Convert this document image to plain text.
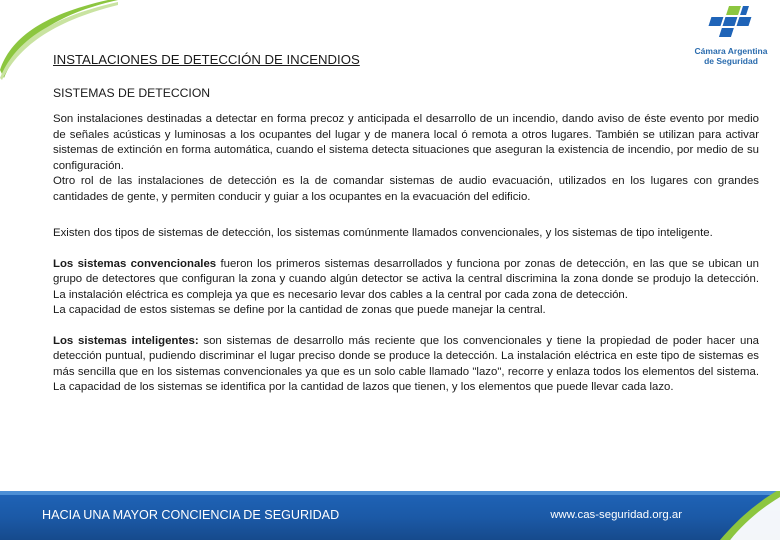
Cámara Argentina
de Seguridad

INSTALACIONES DE DETECCIÓN DE INCENDIOS

SISTEMAS DE DETECCION

Son instalaciones destinadas a detectar en forma precoz y anticipada el desarrollo de un incendio, dando aviso de éste evento por medio de señales acústicas y luminosas a los ocupantes del lugar y de manera local ó remota a otros lugares. También se utilizan para activar sistemas de extinción en forma automática, cuando el sistema detecta situaciones que aseguran la existencia de incendio, por medio de su configuración.
Otro rol de las instalaciones de detección es la de comandar sistemas de audio evacuación, utilizados en los lugares con grandes cantidades de gente, y permiten conducir y guiar a los ocupantes en la evacuación del edificio.

Existen dos tipos de sistemas de detección, los sistemas comúnmente llamados convencionales, y los sistemas de tipo inteligente.

Los sistemas convencionales fueron los primeros sistemas desarrollados y funciona por zonas de detección, en las que se ubican un grupo de detectores que configuran la zona y cuando algún detector se activa la central discrimina la zona donde se produjo la detección. La instalación eléctrica es compleja ya que es necesario levar dos cables a la central por cada zona de detección.
La capacidad de estos sistemas se define por la cantidad de zonas que puede manejar la central.

Los sistemas inteligentes: son sistemas de desarrollo más reciente que los convencionales y tiene la propiedad de poder hacer una detección puntual, pudiendo discriminar el lugar preciso donde se produce la detección. La instalación eléctrica en este tipo de sistemas es más sencilla que en los sistemas convencionales ya que es un solo cable llamado "lazo", recorre y enlaza todos los elementos del sistema. La capacidad de los sistemas se identifica por la cantidad de lazos que tienen, y los elementos que puede llevar cada lazo.

HACIA UNA MAYOR CONCIENCIA DE SEGURIDAD	www.cas-seguridad.org.ar
